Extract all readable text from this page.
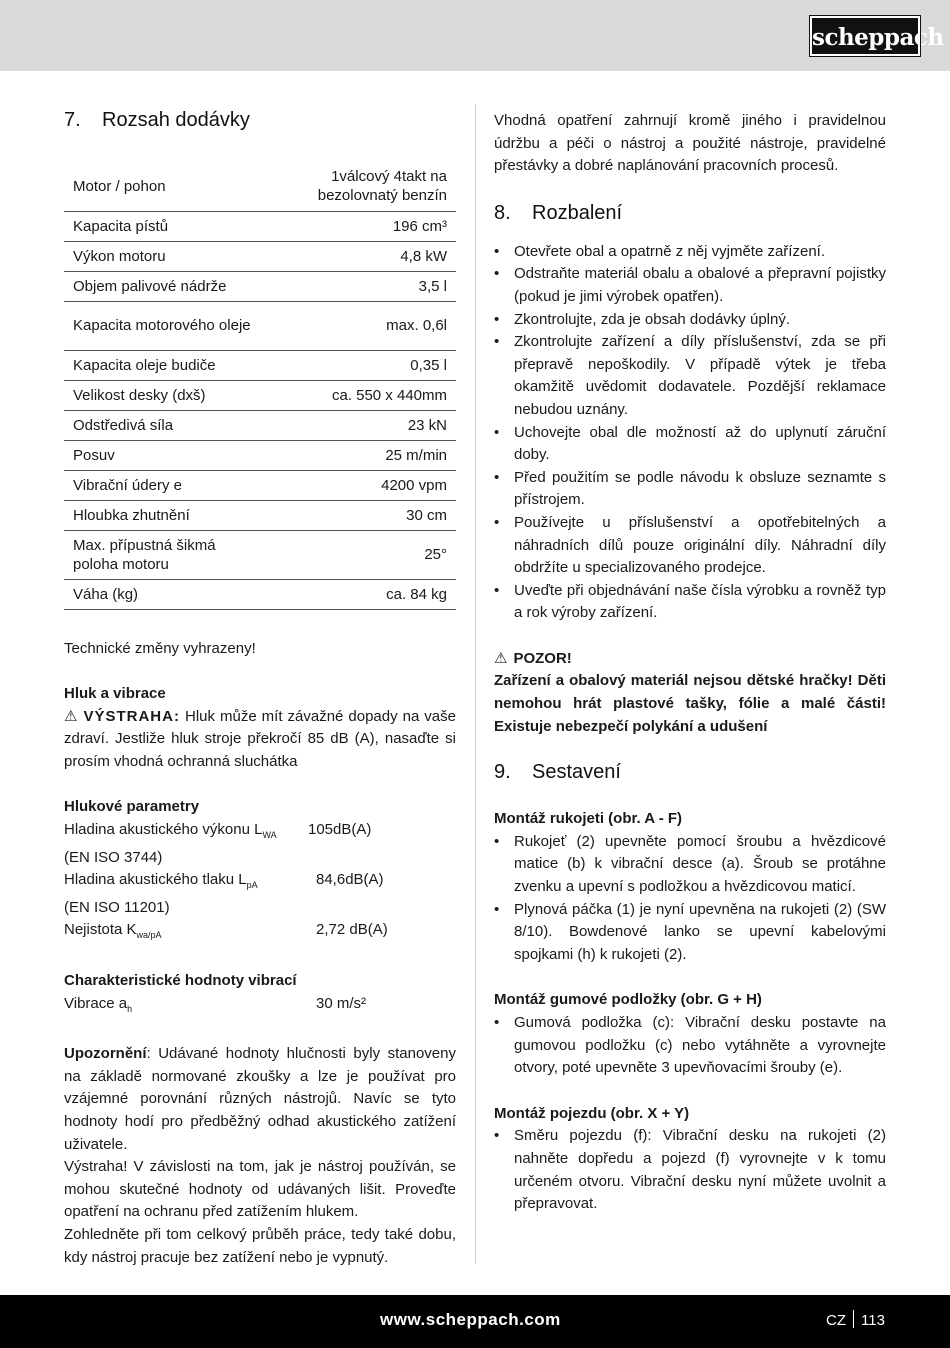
scheppach
7. Rozsah dodávky
Motor / pohon	1válcový 4takt na bezolovnatý benzín
Kapacita pístů	196 cm³
Výkon motoru	4,8 kW
Objem palivové nádrže	3,5 l
Kapacita motorového oleje	max. 0,6l
Kapacita oleje budiče	0,35 l
Velikost desky (dxš)	ca. 550 x 440mm
Odstředivá síla	23 kN
Posuv	25 m/min
Vibrační údery e	4200 vpm
Hloubka zhutnění	30 cm
Max. přípustná šikmá poloha motoru	25°
Váha (kg)	ca. 84 kg

Technické změny vyhrazeny!

Hluk a vibrace

⚠ VÝSTRAHA: Hluk může mít závažné dopady na vaše zdraví. Jestliže hluk stroje překročí 85 dB (A), nasaďte si prosím vhodná ochranná sluchátka

Hlukové parametry

Hladina akustického výkonu $L_{WA}$	105dB(A)
(EN ISO 3744)
Hladina akustického tlaku $L_{pA}$	84,6dB(A)
(EN ISO 11201)
Nejistota $K_{wa/pA}$	2,72 dB(A)

Charakteristické hodnoty vibrací

Vibrace $a_h$	30 m/s²

Upozornění: Udávané hodnoty hlučnosti byly stanoveny na základě normované zkoušky a lze je používat pro vzájemné porovnání různých nástrojů. Navíc se tyto hodnoty hodí pro předběžný odhad akustického zatížení uživatele.

Výstraha! V závislosti na tom, jak je nástroj používán, se mohou skutečné hodnoty od udávaných lišit. Proveďte opatření na ochranu před zatížením hlukem.

Zohledněte při tom celkový průběh práce, tedy také dobu, kdy nástroj pracuje bez zatížení nebo je vypnutý.

Vhodná opatření zahrnují kromě jiného i pravidelnou údržbu a péči o nástroj a použité nástroje, pravidelné přestávky a dobré naplánování pracovních procesů.

8. Rozbalení
• Otevřete obal a opatrně z něj vyjměte zařízení.
• Odstraňte materiál obalu a obalové a přepravní pojistky (pokud je jimi výrobek opatřen).
• Zkontrolujte, zda je obsah dodávky úplný.
• Zkontrolujte zařízení a díly příslušenství, zda se při přepravě nepoškodily. V případě výtek je třeba okamžitě uvědomit dodavatele. Pozdější reklamace nebudou uznány.
• Uchovejte obal dle možností až do uplynutí záruční doby.
• Před použitím se podle návodu k obsluze seznamte s přístrojem.
• Používejte u příslušenství a opotřebitelných a náhradních dílů pouze originální díly. Náhradní díly obdržíte u specializovaného prodejce.
• Uveďte při objednávání naše čísla výrobku a rovněž typ a rok výroby zařízení.

⚠ POZOR!

Zařízení a obalový materiál nejsou dětské hračky! Děti nemohou hrát plastové tašky, fólie a malé části! Existuje nebezpečí polykání a udušení

9. Sestavení

Montáž rukojeti (obr. A - F)

• Rukojeť (2) upevněte pomocí šroubu a hvězdicové matice (b) k vibrační desce (a). Šroub se protáhne zvenku a upevní s podložkou a hvězdicovou maticí.
• Plynová páčka (1) je nyní upevněna na rukojeti (2) (SW 8/10). Bowdenové lanko se upevní kabelovými spojkami (h) k rukojeti (2).

Montáž gumové podložky (obr. G + H)

• Gumová podložka (c): Vibrační desku postavte na gumovou podložku (c) nebo vytáhněte a vyrovnejte otvory, poté upevněte 3 upevňovacími šrouby (e).

Montáž pojezdu (obr. X + Y)

• Směru pojezdu (f): Vibrační desku na rukojeti (2) nahněte dopředu a pojezd (f) vyrovnejte v k tomu určeném otvoru. Vibrační desku nyní můžete uvolnit a přepravovat.
www.scheppach.com	CZ 113
